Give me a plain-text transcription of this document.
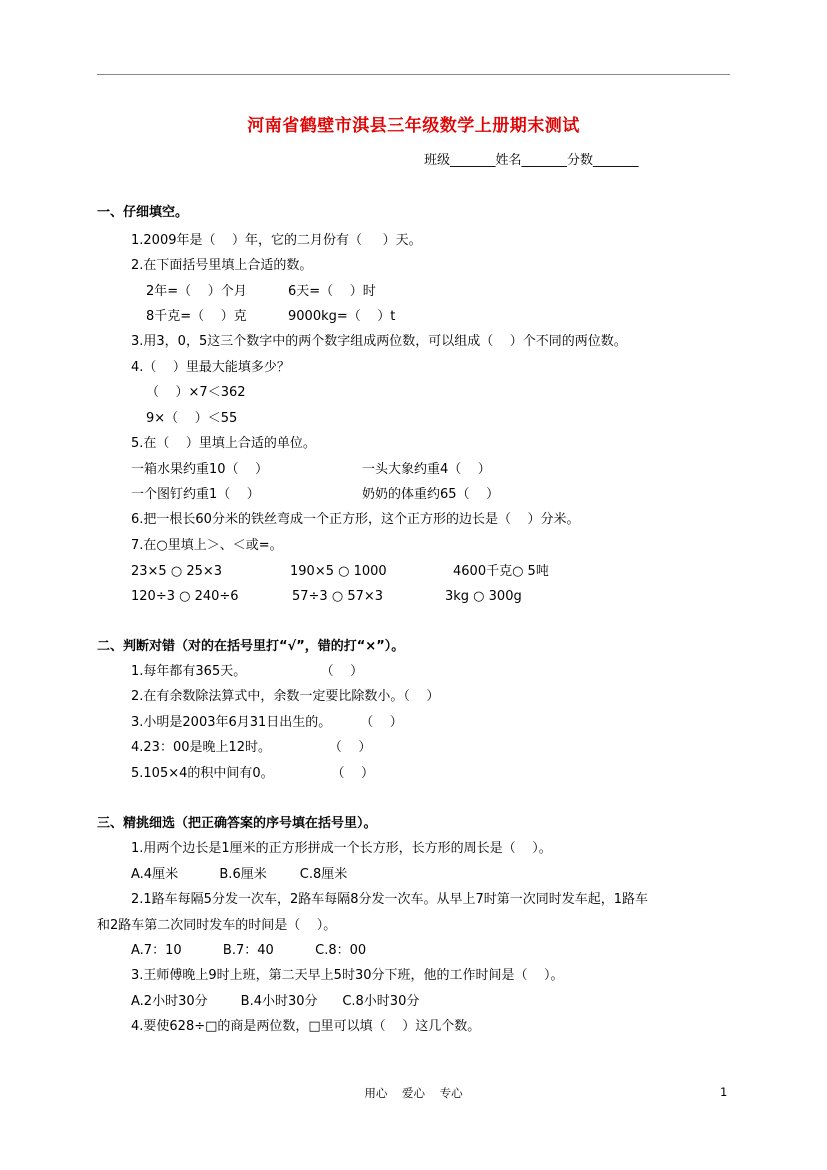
河南省鹤壁市淇县三年级数学上册期末测试
班级_______姓名_______分数_______
一、仔细填空。
1.2009年是（    ）年，它的二月份有（     ）天。
2.在下面括号里填上合适的数。
2年=（    ）个月          6天=（    ）时
8千克=（    ）克          9000kg=（    ）t
3.用3，0，5这三个数字中的两个数字组成两位数，可以组成（    ）个不同的两位数。
4.（    ）里最大能填多少？
（    ）×7＜362
9×（    ）＜55
5.在（    ）里填上合适的单位。
一箱水果约重10（    ）	一头大象约重4（    ）
一个图钉约重1（    ）	奶奶的体重约65（    ）
6.把一根长60分米的铁丝弯成一个正方形，这个正方形的边长是（    ）分米。
7.在○里填上＞、＜或=。
23×5 ○ 25×3	190×5 ○ 1000	4600千克○ 5吨
120÷3 ○ 240÷6	57÷3 ○ 57×3	3kg ○ 300g
二、判断对错（对的在括号里打“√”，错的打“×”）。
1.每年都有365天。                  （    ）
2.在有余数除法算式中，余数一定要比除数小。（    ）
3.小明是2003年6月31日出生的。       （    ）
4.23：00是晚上12时。              （    ）
5.105×4的积中间有0。              （    ）
三、精挑细选（把正确答案的序号填在括号里）。
1.用两个边长是1厘米的正方形拼成一个长方形，长方形的周长是（    ）。
A.4厘米          B.6厘米        C.8厘米
2.1路车每隔5分发一次车，2路车每隔8分发一次车。从早上7时第一次同时发车起，1路车
和2路车第二次同时发车的时间是（    ）。
A.7：10          B.7：40          C.8：00
3.王师傅晚上9时上班，第二天早上5时30分下班，他的工作时间是（    ）。
A.2小时30分        B.4小时30分      C.8小时30分
4.要使628÷□的商是两位数，□里可以填（    ）这几个数。
用心    爱心    专心	1
